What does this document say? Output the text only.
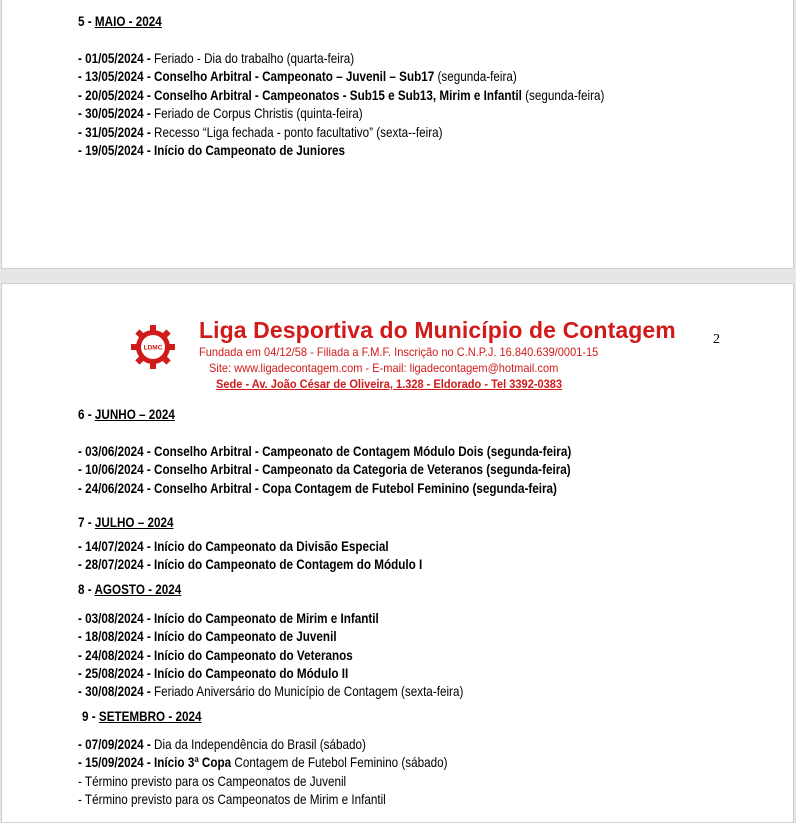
5 - MAIO - 2024
- 01/05/2024 - Feriado - Dia do trabalho (quarta-feira)
- 13/05/2024 - Conselho Arbitral - Campeonato – Juvenil – Sub17 (segunda-feira)
- 20/05/2024 - Conselho Arbitral - Campeonatos - Sub15 e Sub13, Mirim e Infantil (segunda-feira)
- 30/05/2024 - Feriado de Corpus Christis (quinta-feira)
- 31/05/2024 - Recesso “Liga fechada - ponto facultativo” (sexta--feira)
- 19/05/2024 - Início do Campeonato de Juniores
LDMC
Liga Desportiva do Município de Contagem
Fundada em 04/12/58 - Filiada a F.M.F. Inscrição no C.N.P.J. 16.840.639/0001-15
Site: www.ligadecontagem.com - E-mail: ligadecontagem@hotmail.com
Sede - Av. João César de Oliveira, 1.328 - Eldorado - Tel 3392-0383
2
6 - JUNHO – 2024
- 03/06/2024 - Conselho Arbitral - Campeonato de Contagem Módulo Dois (segunda-feira)
- 10/06/2024 - Conselho Arbitral - Campeonato da Categoria de Veteranos (segunda-feira)
- 24/06/2024 - Conselho Arbitral - Copa Contagem de Futebol Feminino (segunda-feira)
7 - JULHO – 2024
- 14/07/2024 - Início do Campeonato da Divisão Especial
- 28/07/2024 - Início do Campeonato de Contagem do Módulo I
8 - AGOSTO - 2024
- 03/08/2024 - Início do Campeonato de Mirim e Infantil
- 18/08/2024 - Início do Campeonato de Juvenil
- 24/08/2024 - Início do Campeonato do Veteranos
- 25/08/2024 - Início do Campeonato do Módulo II
- 30/08/2024 - Feriado Aniversário do Município de Contagem (sexta-feira)
9 - SETEMBRO - 2024
- 07/09/2024 - Dia da Independência do Brasil (sábado)
- 15/09/2024 - Início 3ª Copa Contagem de Futebol Feminino (sábado)
- Término previsto para os Campeonatos de Juvenil
- Término previsto para os Campeonatos de Mirim e Infantil
